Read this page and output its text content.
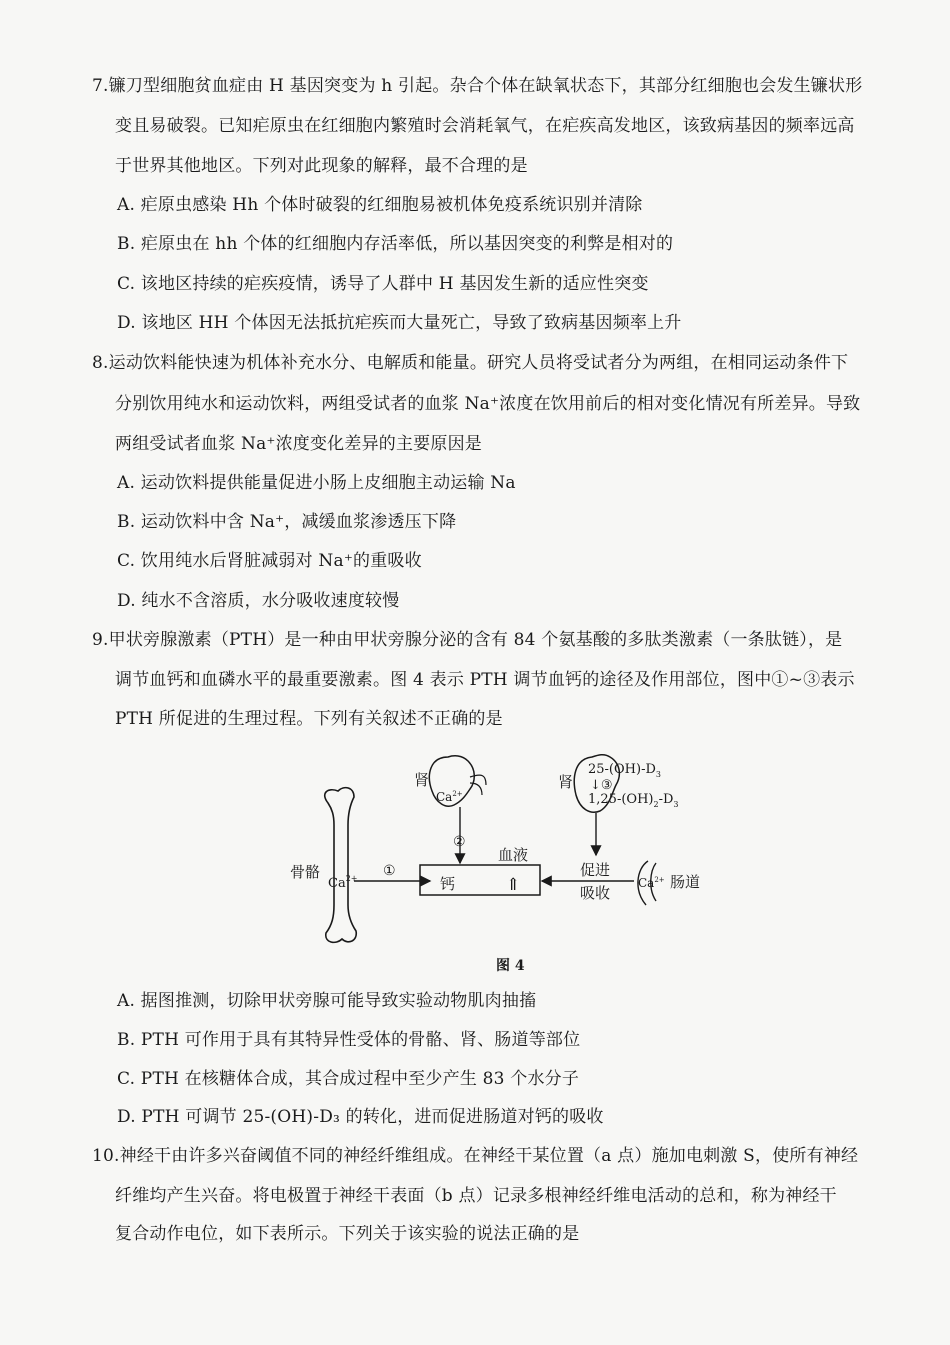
7.镰刀型细胞贫血症由 H 基因突变为 h 引起。杂合个体在缺氧状态下，其部分红细胞也会发生镰状形
变且易破裂。已知疟原虫在红细胞内繁殖时会消耗氧气，在疟疾高发地区，该致病基因的频率远高
于世界其他地区。下列对此现象的解释，最不合理的是
A. 疟原虫感染 Hh 个体时破裂的红细胞易被机体免疫系统识别并清除
B. 疟原虫在 hh 个体的红细胞内存活率低，所以基因突变的利弊是相对的
C. 该地区持续的疟疾疫情，诱导了人群中 H 基因发生新的适应性突变
D. 该地区 HH 个体因无法抵抗疟疾而大量死亡，导致了致病基因频率上升
8.运动饮料能快速为机体补充水分、电解质和能量。研究人员将受试者分为两组，在相同运动条件下
分别饮用纯水和运动饮料，两组受试者的血浆 Na⁺浓度在饮用前后的相对变化情况有所差异。导致
两组受试者血浆 Na⁺浓度变化差异的主要原因是
A. 运动饮料提供能量促进小肠上皮细胞主动运输 Na
B. 运动饮料中含 Na⁺，减缓血浆渗透压下降
C. 饮用纯水后肾脏减弱对 Na⁺的重吸收
D. 纯水不含溶质，水分吸收速度较慢
9.甲状旁腺激素（PTH）是一种由甲状旁腺分泌的含有 84 个氨基酸的多肽类激素（一条肽链），是
调节血钙和血磷水平的最重要激素。图 4 表示 PTH 调节血钙的途径及作用部位，图中①~③表示
PTH 所促进的生理过程。下列有关叙述不正确的是
骨骼
$Ca^{2+}$ ①
血液
钙	⇑
肾
$Ca^{2+}$
②
肾
$25-(OH)-D_3$
↓③
$1,25-(OH)_2-D_3$
促进
吸收
$Ca^{2+}$ 肠道
图 4
A. 据图推测，切除甲状旁腺可能导致实验动物肌肉抽搐
B. PTH 可作用于具有其特异性受体的骨骼、肾、肠道等部位
C. PTH 在核糖体合成，其合成过程中至少产生 83 个水分子
D. PTH 可调节 25-(OH)-D₃ 的转化，进而促进肠道对钙的吸收
10.神经干由许多兴奋阈值不同的神经纤维组成。在神经干某位置（a 点）施加电刺激 S，使所有神经
纤维均产生兴奋。将电极置于神经干表面（b 点）记录多根神经纤维电活动的总和，称为神经干
复合动作电位，如下表所示。下列关于该实验的说法正确的是
